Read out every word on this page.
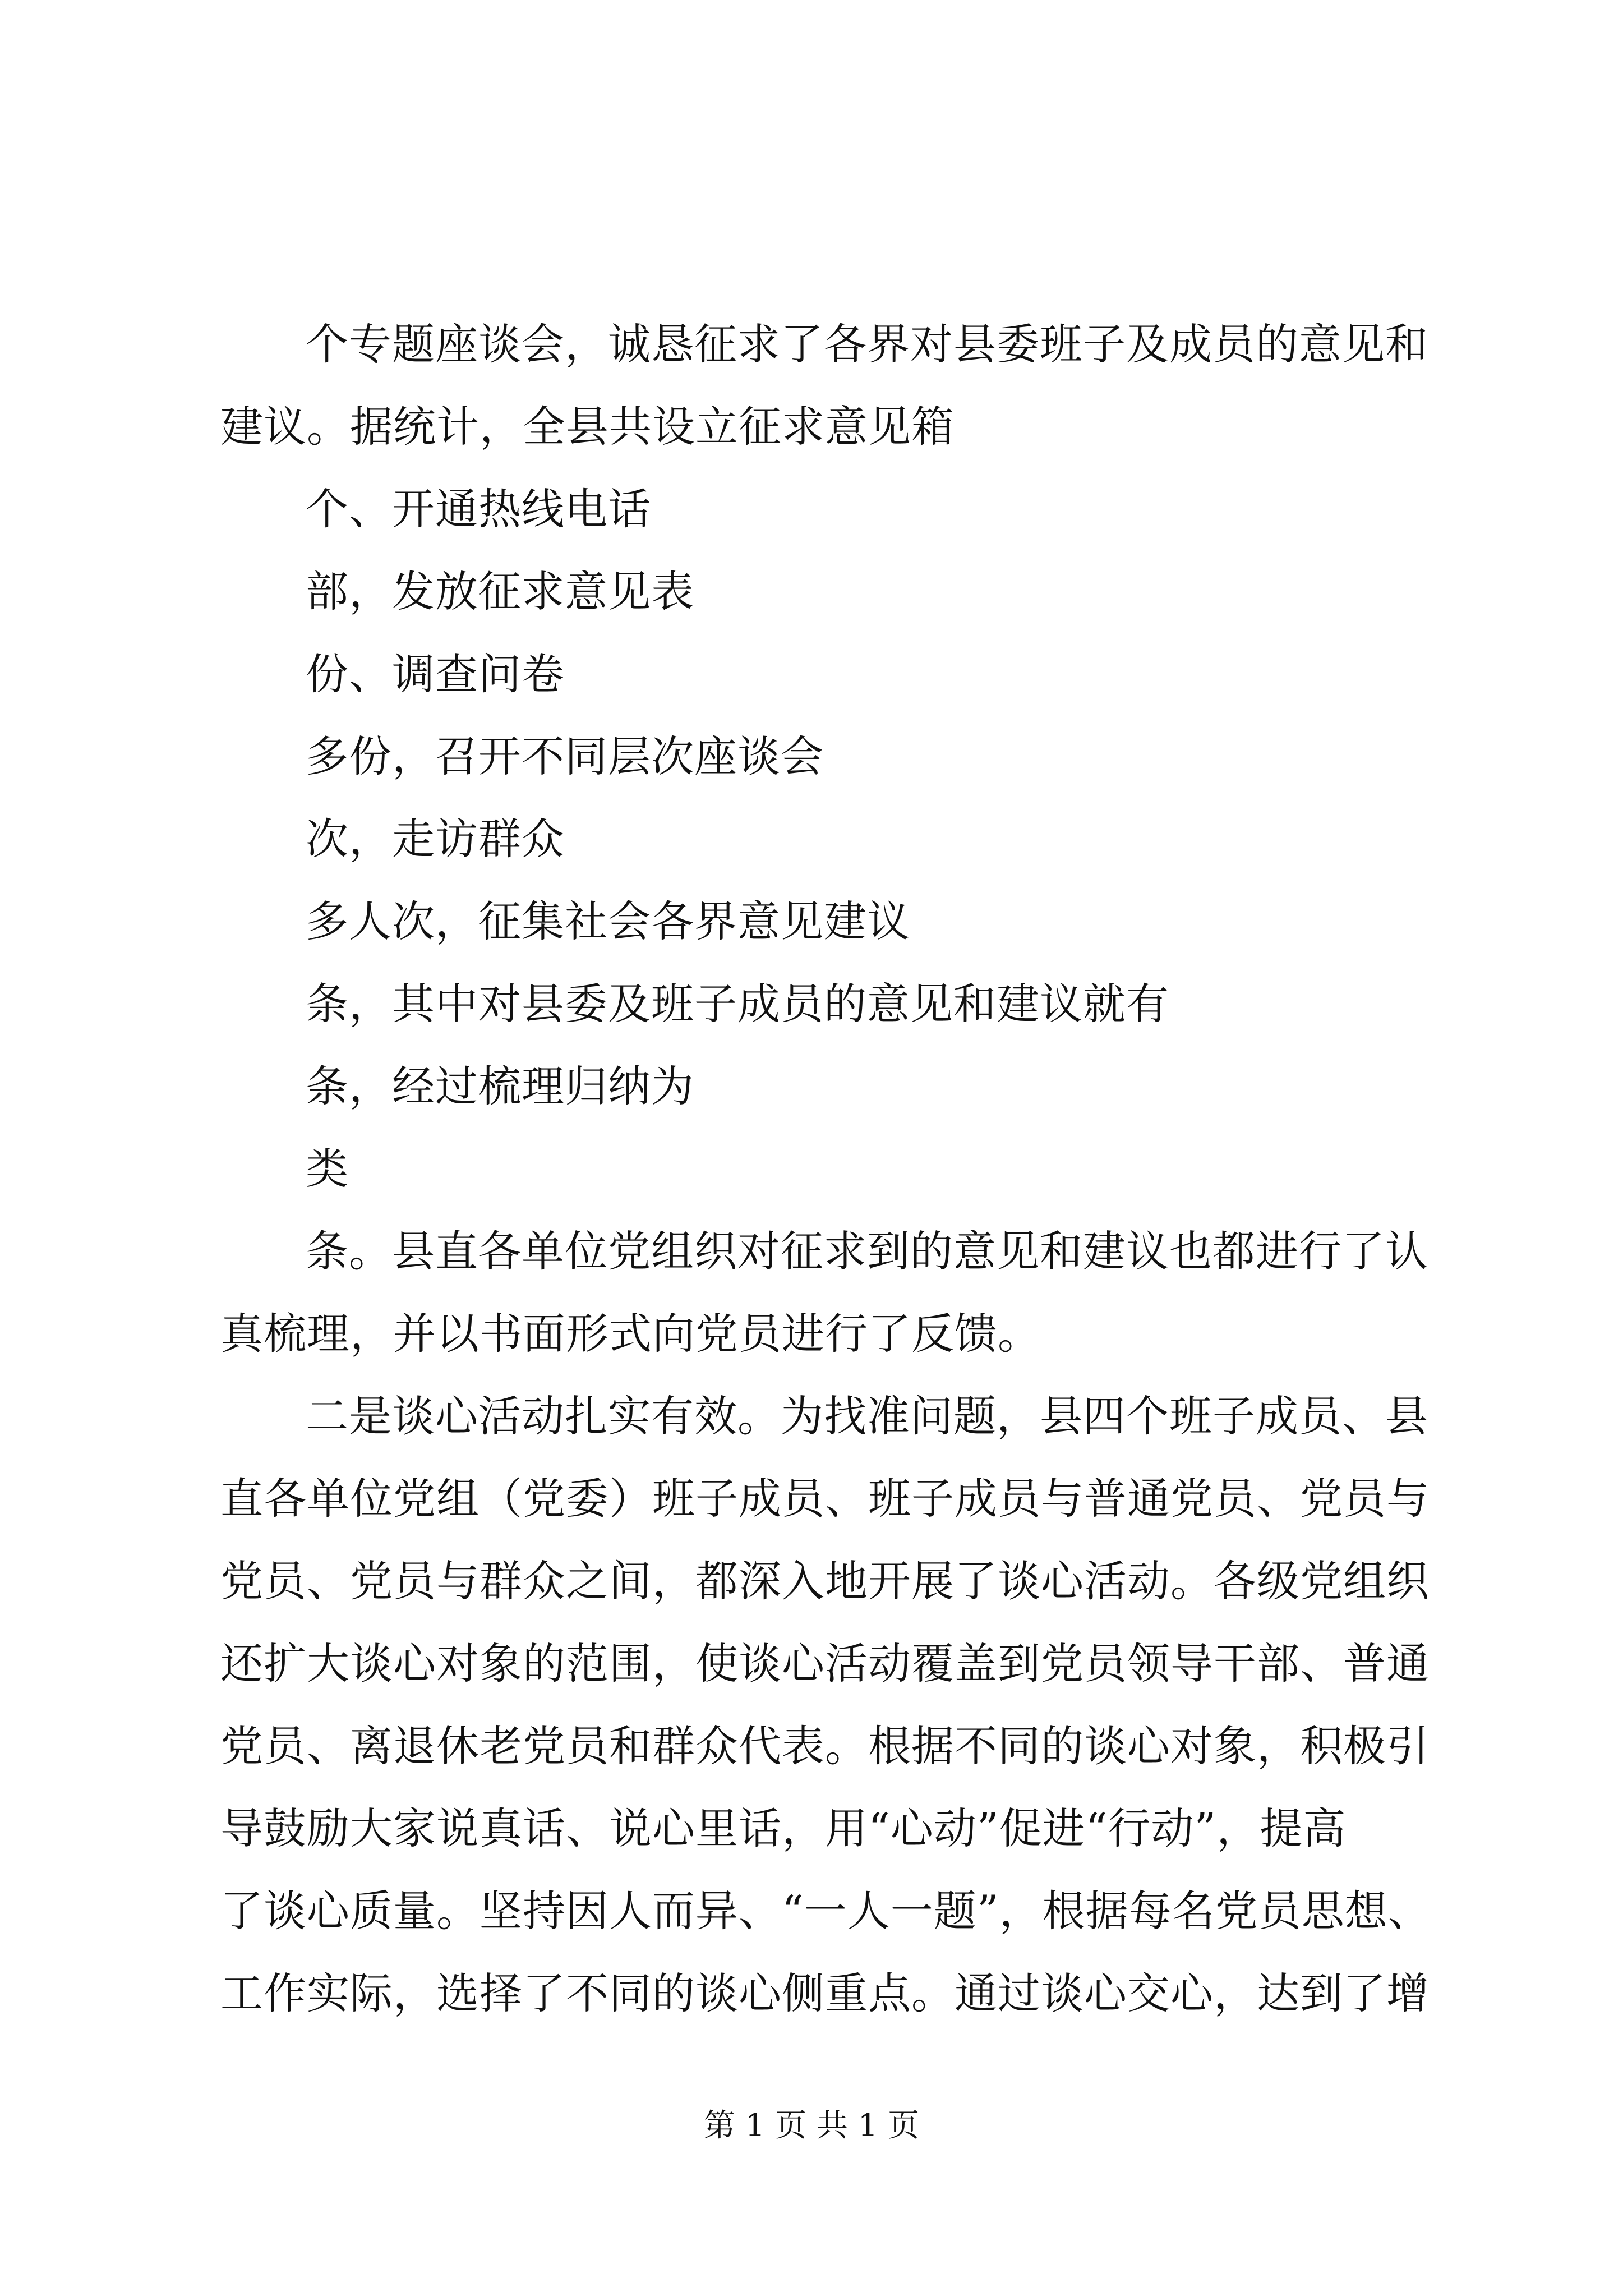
个专题座谈会，诚恳征求了各界对县委班子及成员的意见和
建议。据统计，全县共设立征求意见箱
个、开通热线电话
部，发放征求意见表
份、调查问卷
多份，召开不同层次座谈会
次，走访群众
多人次，征集社会各界意见建议
条，其中对县委及班子成员的意见和建议就有
条，经过梳理归纳为
类
条。县直各单位党组织对征求到的意见和建议也都进行了认
真梳理，并以书面形式向党员进行了反馈。
二是谈心活动扎实有效。为找准问题，县四个班子成员、县
直各单位党组（党委）班子成员、班子成员与普通党员、党员与
党员、党员与群众之间，都深入地开展了谈心活动。各级党组织
还扩大谈心对象的范围，使谈心活动覆盖到党员领导干部、普通
党员、离退休老党员和群众代表。根据不同的谈心对象，积极引
导鼓励大家说真话、说心里话，用“心动”促进“行动”，提高
了谈心质量。坚持因人而异、“一人一题”，根据每名党员思想、
工作实际，选择了不同的谈心侧重点。通过谈心交心，达到了增
第 1 页 共 1 页
